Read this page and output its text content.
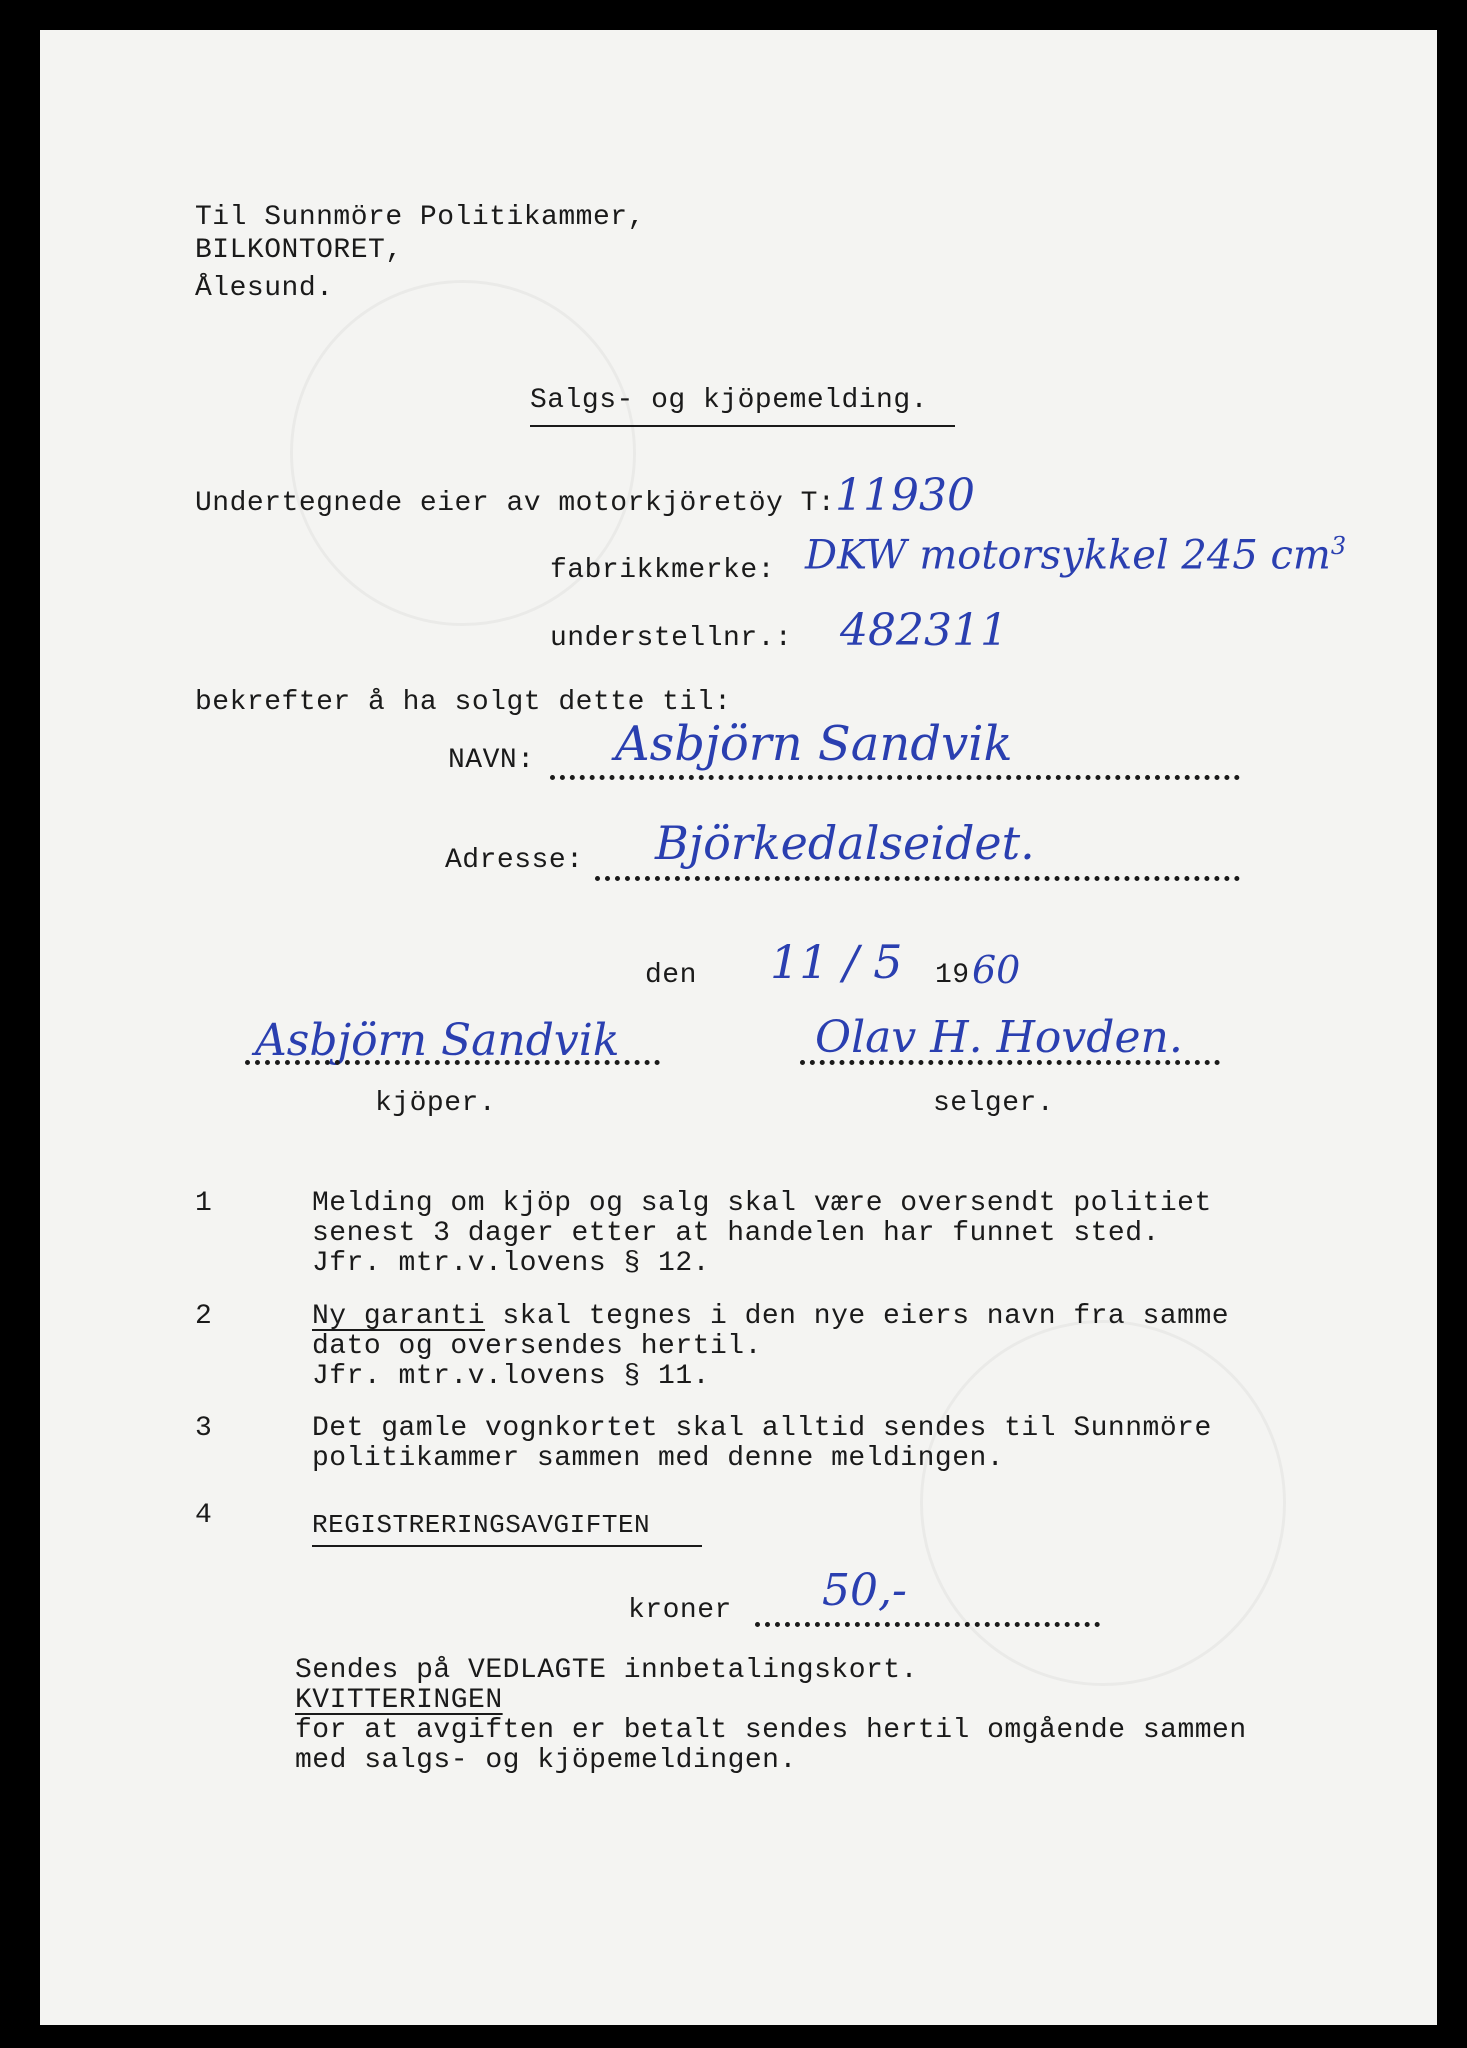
Til Sunnmöre Politikammer,
BILKONTORET,
Ålesund.
Salgs- og kjöpemelding.
Undertegnede eier av motorkjöretöy T: 11930
fabrikkmerke: DKW motorsykkel 245 $cm^3$
understellnr.: 482311
bekrefter å ha solgt dette til:
NAVN: Asbjörn Sandvik
Adresse: Björkedalseidet.
den 11 / 5 19 60
Asbjörn Sandvik	Olav H. Hovden.
kjöper.	selger.
1	Melding om kjöp og salg skal være oversendt politiet
senest 3 dager etter at handelen har funnet sted.
Jfr. mtr.v.lovens § 12.
2	Ny garanti skal tegnes i den nye eiers navn fra samme
dato og oversendes hertil.
Jfr. mtr.v.lovens § 11.
3	Det gamle vognkortet skal alltid sendes til Sunnmöre
politikammer sammen med denne meldingen.
4	REGISTRERINGSAVGIFTEN
kroner 50,-
Sendes på VEDLAGTE innbetalingskort.
KVITTERINGEN
for at avgiften er betalt sendes hertil omgående sammen
med salgs- og kjöpemeldingen.
